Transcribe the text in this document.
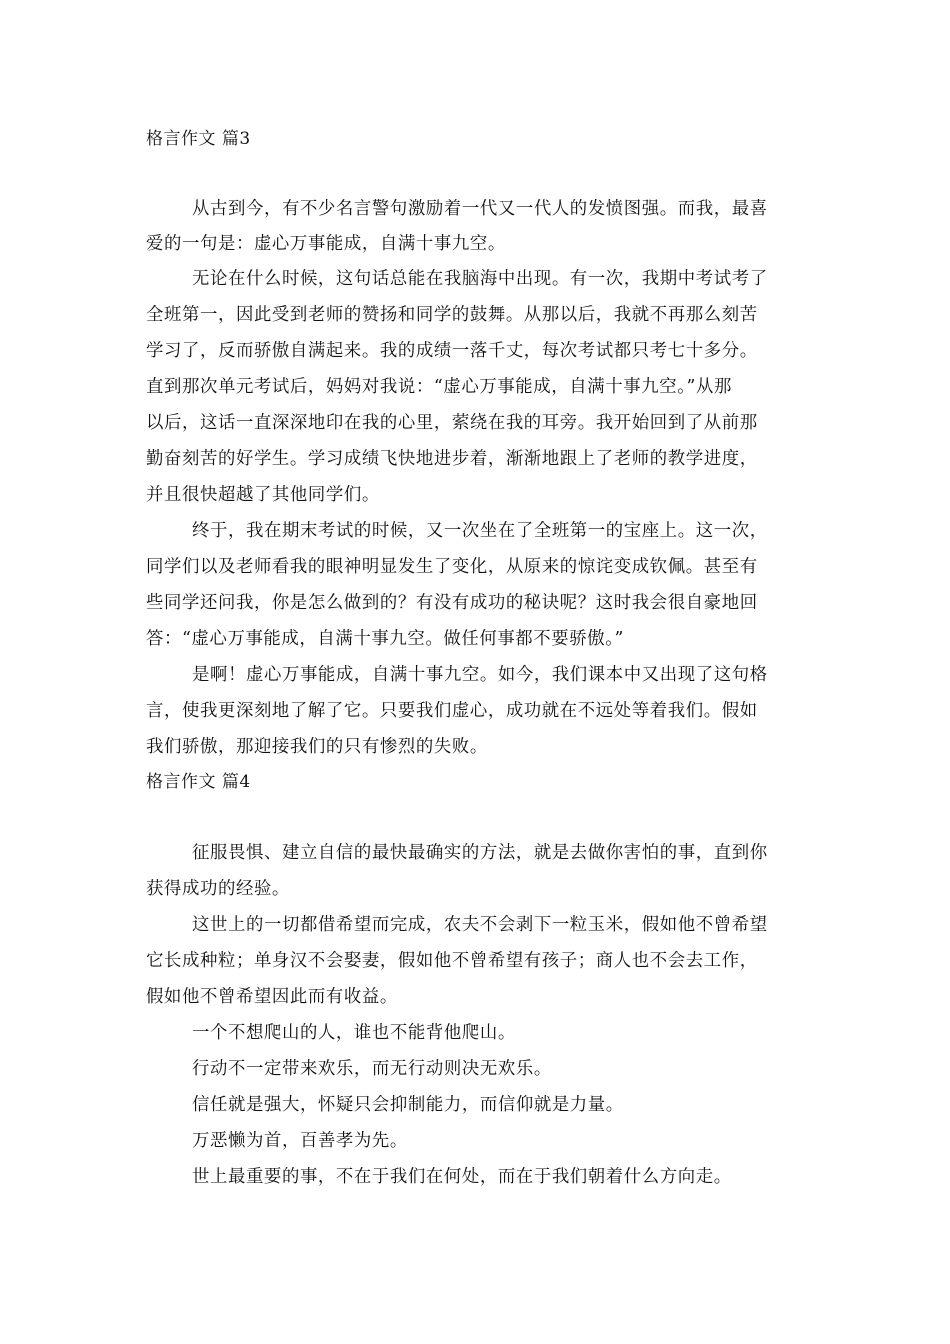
格言作文 篇3
从古到今，有不少名言警句激励着一代又一代人的发愤图强。而我，最喜
爱的一句是：虚心万事能成，自满十事九空。
无论在什么时候，这句话总能在我脑海中出现。有一次，我期中考试考了
全班第一，因此受到老师的赞扬和同学的鼓舞。从那以后，我就不再那么刻苦
学习了，反而骄傲自满起来。我的成绩一落千丈，每次考试都只考七十多分。
直到那次单元考试后，妈妈对我说：“虚心万事能成，自满十事九空。”从那
以后，这话一直深深地印在我的心里，萦绕在我的耳旁。我开始回到了从前那
勤奋刻苦的好学生。学习成绩飞快地进步着，渐渐地跟上了老师的教学进度，
并且很快超越了其他同学们。
终于，我在期末考试的时候，又一次坐在了全班第一的宝座上。这一次，
同学们以及老师看我的眼神明显发生了变化，从原来的惊诧变成钦佩。甚至有
些同学还问我，你是怎么做到的？有没有成功的秘诀呢？这时我会很自豪地回
答：“虚心万事能成，自满十事九空。做任何事都不要骄傲。”
是啊！虚心万事能成，自满十事九空。如今，我们课本中又出现了这句格
言，使我更深刻地了解了它。只要我们虚心，成功就在不远处等着我们。假如
我们骄傲，那迎接我们的只有惨烈的失败。
格言作文 篇4
征服畏惧、建立自信的最快最确实的方法，就是去做你害怕的事，直到你
获得成功的经验。
这世上的一切都借希望而完成，农夫不会剥下一粒玉米，假如他不曾希望
它长成种粒；单身汉不会娶妻，假如他不曾希望有孩子；商人也不会去工作，
假如他不曾希望因此而有收益。
一个不想爬山的人，谁也不能背他爬山。
行动不一定带来欢乐，而无行动则决无欢乐。
信任就是强大，怀疑只会抑制能力，而信仰就是力量。
万恶懒为首，百善孝为先。
世上最重要的事，不在于我们在何处，而在于我们朝着什么方向走。
